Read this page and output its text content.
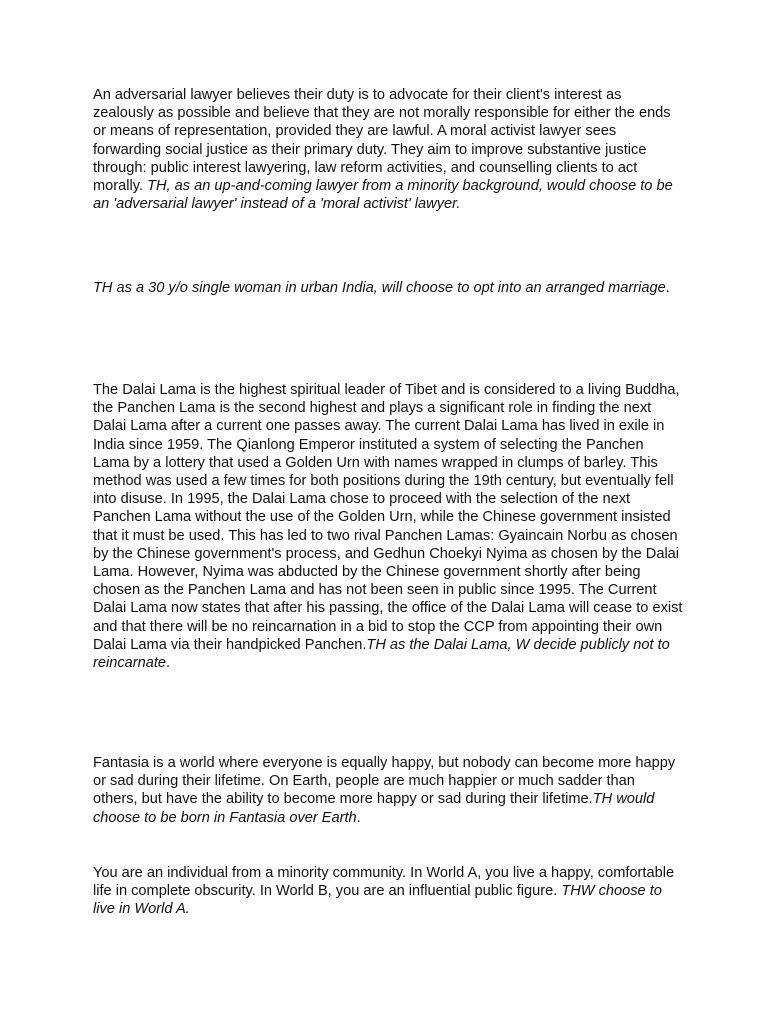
An adversarial lawyer believes their duty is to advocate for their client's interest as zealously as possible and believe that they are not morally responsible for either the ends or means of representation, provided they are lawful. A moral activist lawyer sees forwarding social justice as their primary duty. They aim to improve substantive justice through: public interest lawyering, law reform activities, and counselling clients to act morally. TH, as an up-and-coming lawyer from a minority background, would choose to be an 'adversarial lawyer' instead of a 'moral activist' lawyer.

TH as a 30 y/o single woman in urban India, will choose to opt into an arranged marriage.

The Dalai Lama is the highest spiritual leader of Tibet and is considered to a living Buddha, the Panchen Lama is the second highest and plays a significant role in finding the next Dalai Lama after a current one passes away. The current Dalai Lama has lived in exile in India since 1959. The Qianlong Emperor instituted a system of selecting the Panchen Lama by a lottery that used a Golden Urn with names wrapped in clumps of barley. This method was used a few times for both positions during the 19th century, but eventually fell into disuse. In 1995, the Dalai Lama chose to proceed with the selection of the next Panchen Lama without the use of the Golden Urn, while the Chinese government insisted that it must be used. This has led to two rival Panchen Lamas: Gyaincain Norbu as chosen by the Chinese government's process, and Gedhun Choekyi Nyima as chosen by the Dalai Lama. However, Nyima was abducted by the Chinese government shortly after being chosen as the Panchen Lama and has not been seen in public since 1995. The Current Dalai Lama now states that after his passing, the office of the Dalai Lama will cease to exist and that there will be no reincarnation in a bid to stop the CCP from appointing their own Dalai Lama via their handpicked Panchen.TH as the Dalai Lama, W decide publicly not to reincarnate.

Fantasia is a world where everyone is equally happy, but nobody can become more happy or sad during their lifetime. On Earth, people are much happier or much sadder than others, but have the ability to become more happy or sad during their lifetime.TH would choose to be born in Fantasia over Earth.

You are an individual from a minority community. In World A, you live a happy, comfortable life in complete obscurity. In World B, you are an influential public figure. THW choose to live in World A.
